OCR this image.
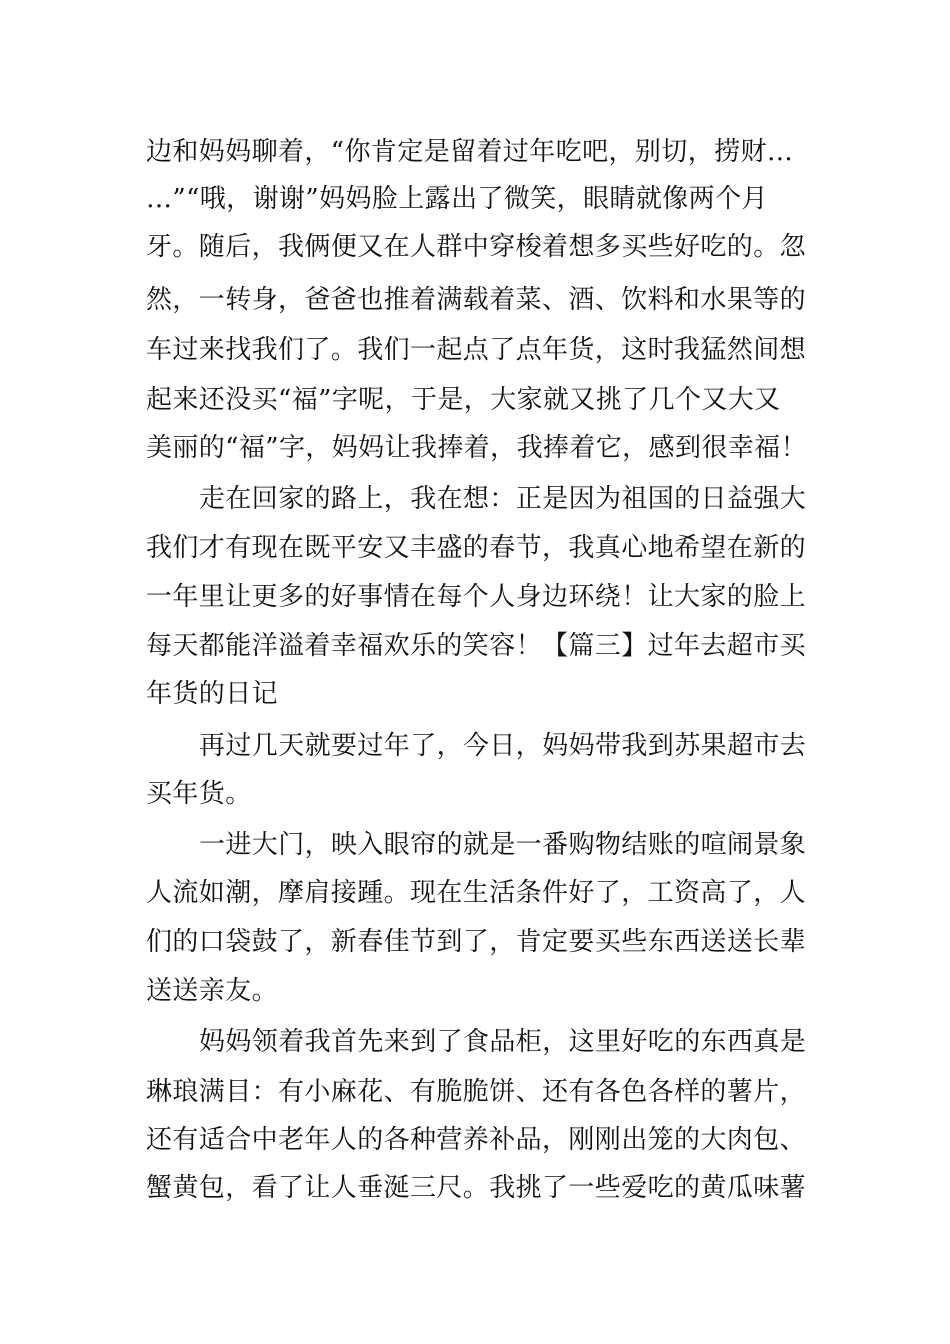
边和妈妈聊着，“你肯定是留着过年吃吧，别切，捞财…
…”“哦，谢谢”妈妈脸上露出了微笑，眼睛就像两个月
牙。随后，我俩便又在人群中穿梭着想多买些好吃的。忽
然，一转身，爸爸也推着满载着菜、酒、饮料和水果等的
车过来找我们了。我们一起点了点年货，这时我猛然间想
起来还没买“福”字呢，于是，大家就又挑了几个又大又
美丽的“福”字，妈妈让我捧着，我捧着它，感到很幸福！
走在回家的路上，我在想：正是因为祖国的日益强大
我们才有现在既平安又丰盛的春节，我真心地希望在新的
一年里让更多的好事情在每个人身边环绕！让大家的脸上
每天都能洋溢着幸福欢乐的笑容！【篇三】过年去超市买
年货的日记
再过几天就要过年了，今日，妈妈带我到苏果超市去
买年货。
一进大门，映入眼帘的就是一番购物结账的喧闹景象
人流如潮，摩肩接踵。现在生活条件好了，工资高了，人
们的口袋鼓了，新春佳节到了，肯定要买些东西送送长辈
送送亲友。
妈妈领着我首先来到了食品柜，这里好吃的东西真是
琳琅满目：有小麻花、有脆脆饼、还有各色各样的薯片，
还有适合中老年人的各种营养补品，刚刚出笼的大肉包、
蟹黄包，看了让人垂涎三尺。我挑了一些爱吃的黄瓜味薯
